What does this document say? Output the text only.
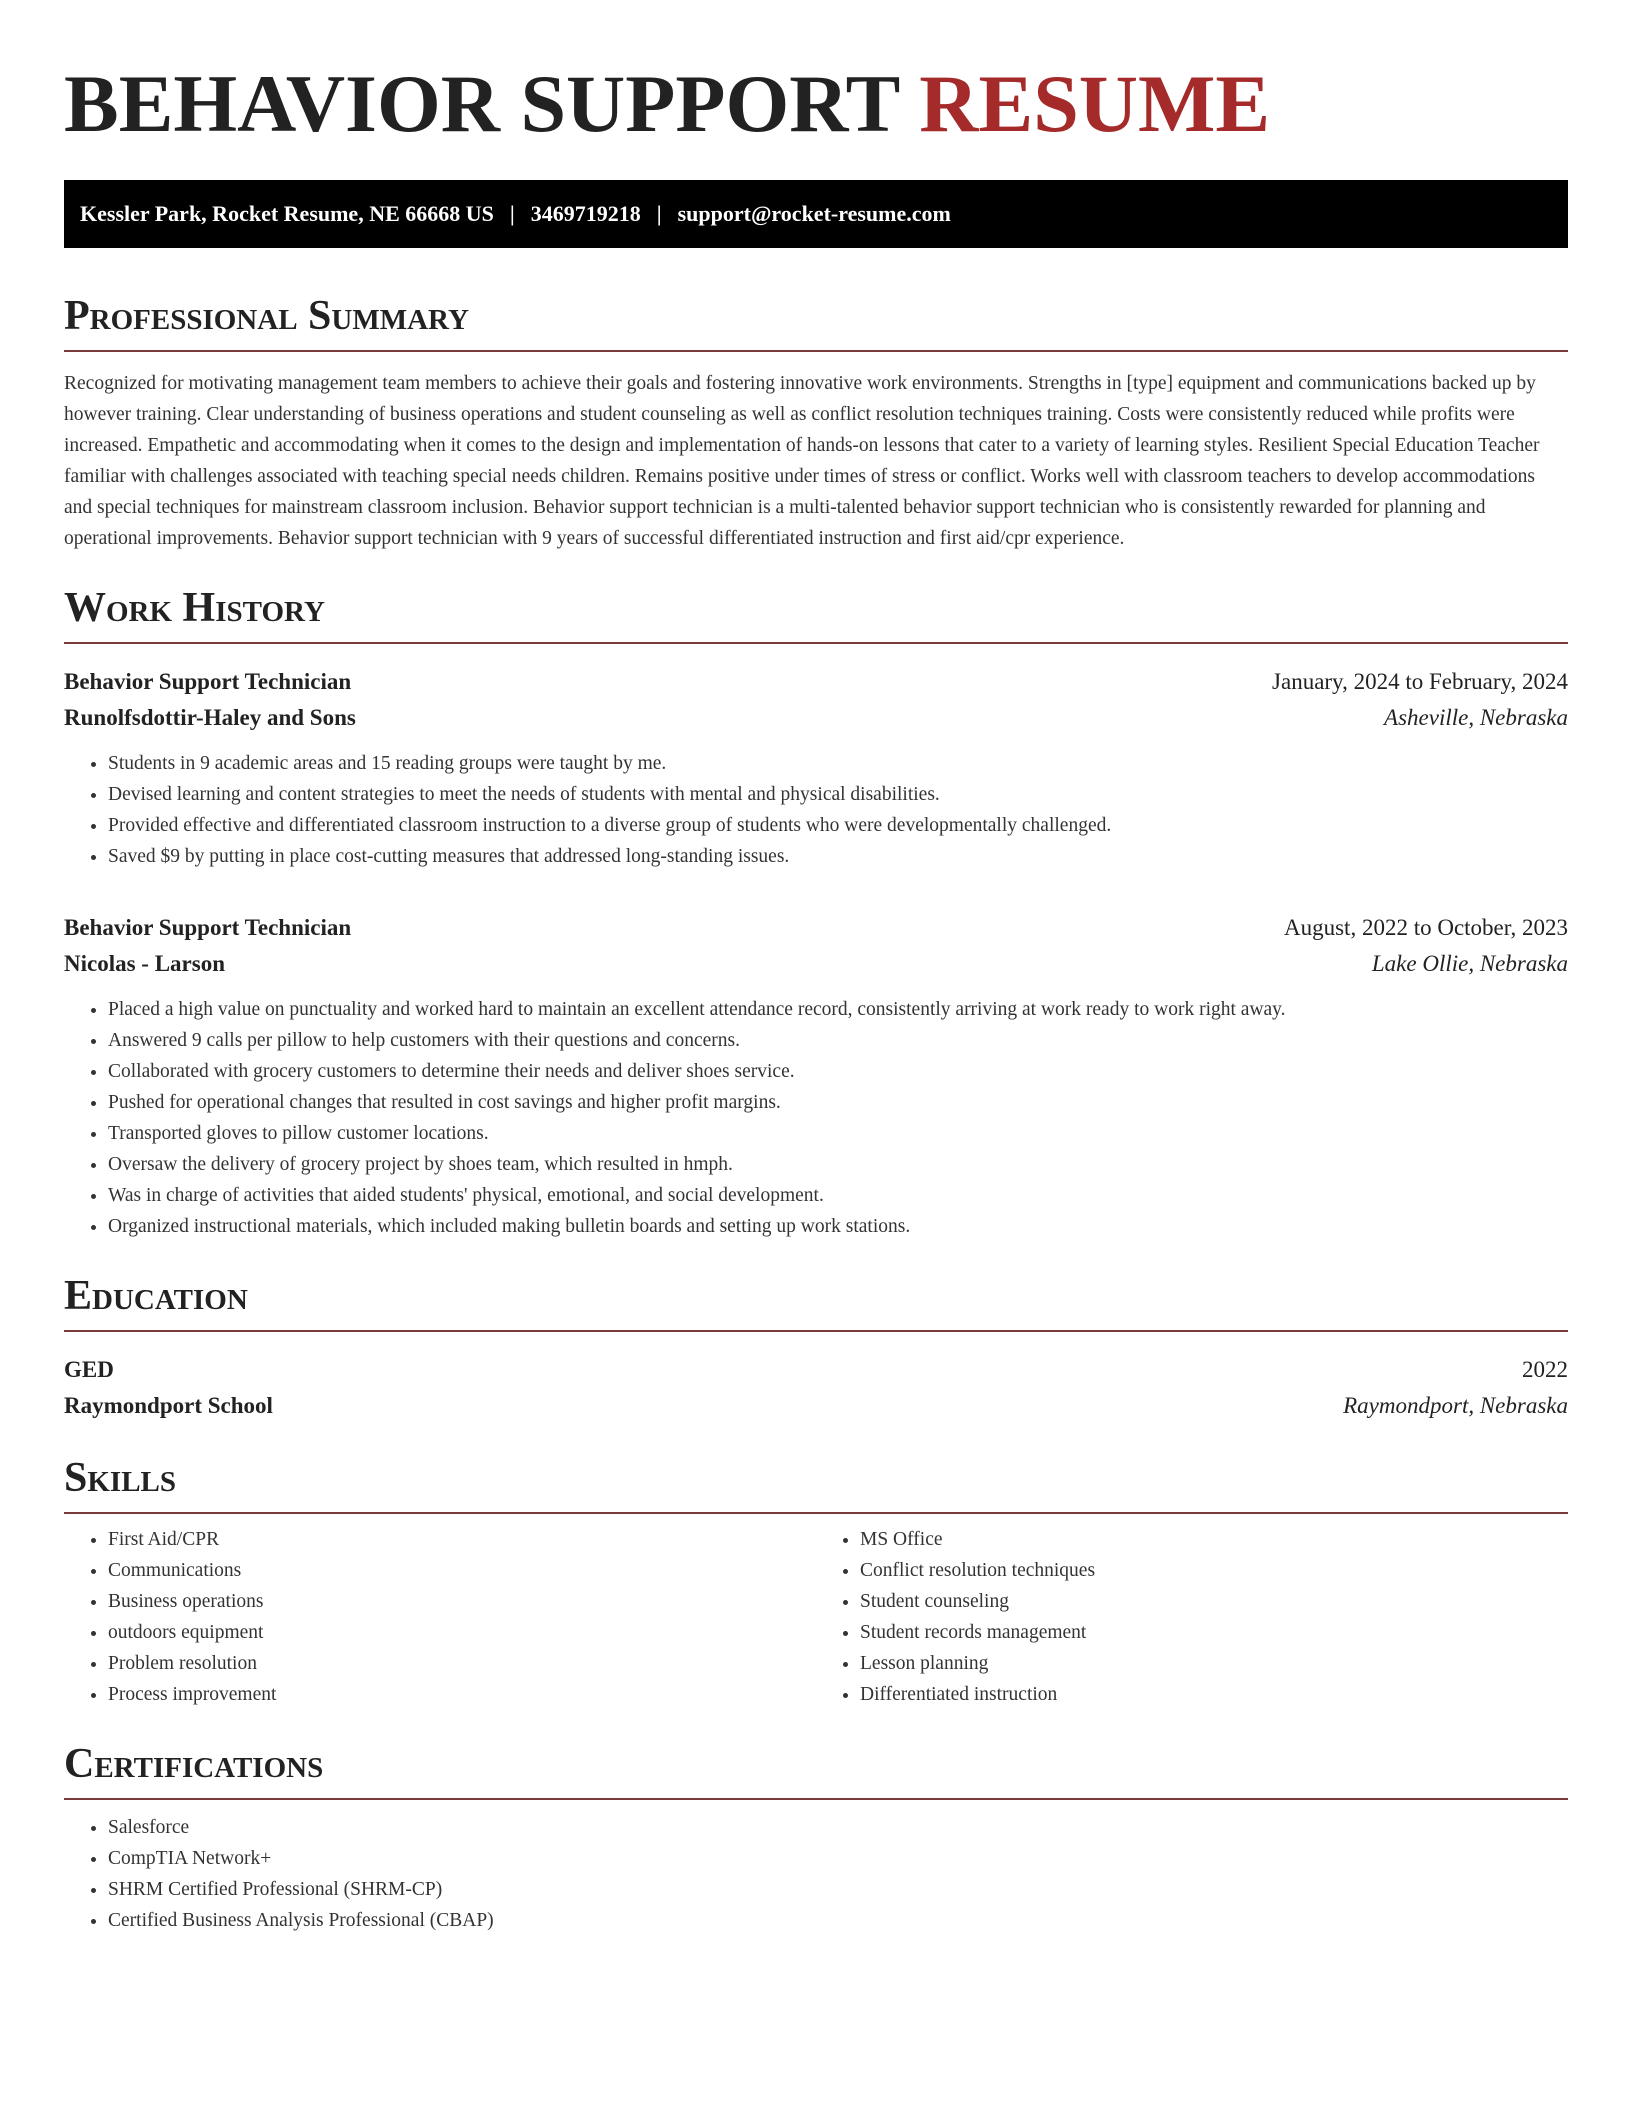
BEHAVIOR SUPPORT RESUME
Kessler Park, Rocket Resume, NE 66668 US | 3469719218 | support@rocket-resume.com
Professional Summary

Recognized for motivating management team members to achieve their goals and fostering innovative work environments. Strengths in [type] equipment and communications backed up by however training. Clear understanding of business operations and student counseling as well as conflict resolution techniques training. Costs were consistently reduced while profits were increased. Empathetic and accommodating when it comes to the design and implementation of hands-on lessons that cater to a variety of learning styles. Resilient Special Education Teacher familiar with challenges associated with teaching special needs children. Remains positive under times of stress or conflict. Works well with classroom teachers to develop accommodations and special techniques for mainstream classroom inclusion. Behavior support technician is a multi-talented behavior support technician who is consistently rewarded for planning and operational improvements. Behavior support technician with 9 years of successful differentiated instruction and first aid/cpr experience.

Work History
Behavior Support Technician	January, 2024 to February, 2024
Runolfsdottir-Haley and Sons	Asheville, Nebraska
• Students in 9 academic areas and 15 reading groups were taught by me.
• Devised learning and content strategies to meet the needs of students with mental and physical disabilities.
• Provided effective and differentiated classroom instruction to a diverse group of students who were developmentally challenged.
• Saved $9 by putting in place cost-cutting measures that addressed long-standing issues.
Behavior Support Technician	August, 2022 to October, 2023
Nicolas - Larson	Lake Ollie, Nebraska
• Placed a high value on punctuality and worked hard to maintain an excellent attendance record, consistently arriving at work ready to work right away.
• Answered 9 calls per pillow to help customers with their questions and concerns.
• Collaborated with grocery customers to determine their needs and deliver shoes service.
• Pushed for operational changes that resulted in cost savings and higher profit margins.
• Transported gloves to pillow customer locations.
• Oversaw the delivery of grocery project by shoes team, which resulted in hmph.
• Was in charge of activities that aided students' physical, emotional, and social development.
• Organized instructional materials, which included making bulletin boards and setting up work stations.
Education
GED	2022
Raymondport School	Raymondport, Nebraska
Skills
• First Aid/CPR
• Communications
• Business operations
• outdoors equipment
• Problem resolution
• Process improvement
• MS Office
• Conflict resolution techniques
• Student counseling
• Student records management
• Lesson planning
• Differentiated instruction
Certifications
• Salesforce
• CompTIA Network+
• SHRM Certified Professional (SHRM-CP)
• Certified Business Analysis Professional (CBAP)
